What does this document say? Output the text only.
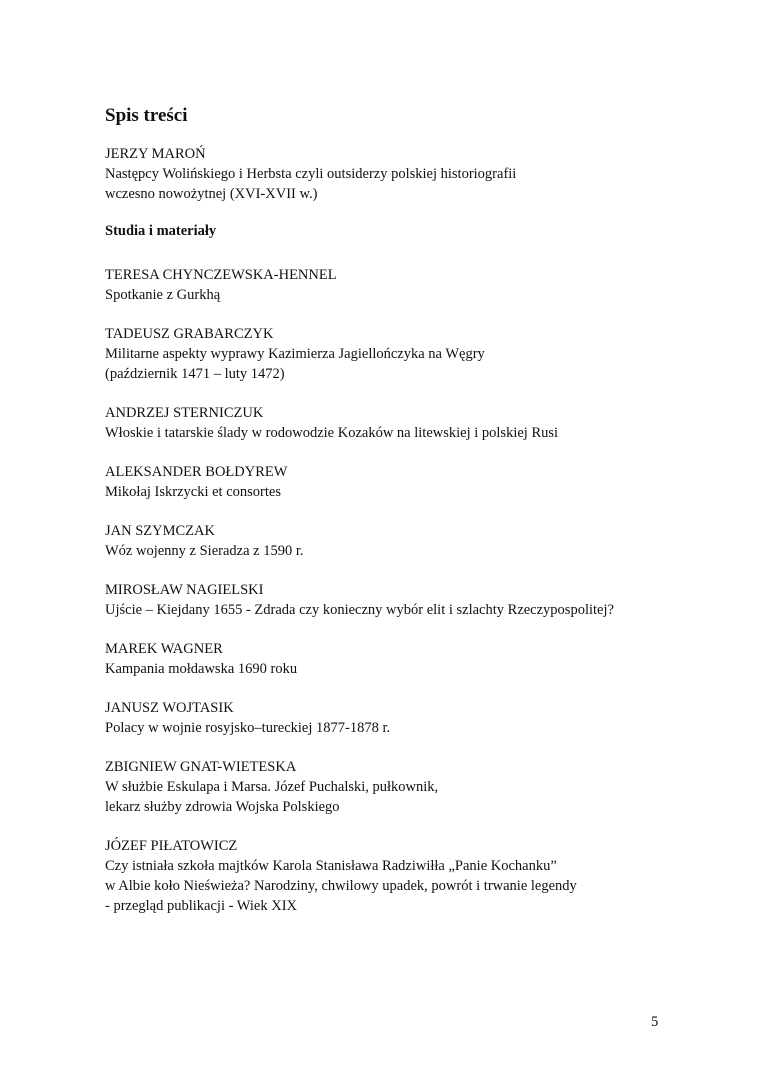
Spis treści
JERZY MAROŃ
Następcy Wolińskiego i Herbsta czyli outsiderzy polskiej historiografii
wczesno nowożytnej (XVI-XVII w.)
Studia i materiały
TERESA CHYNCZEWSKA-HENNEL
Spotkanie z Gurkhą
TADEUSZ GRABARCZYK
Militarne aspekty wyprawy Kazimierza Jagiellończyka na Węgry
(październik 1471 – luty 1472)
ANDRZEJ STERNICZUK
Włoskie i tatarskie ślady w rodowodzie Kozaków na litewskiej i polskiej Rusi
ALEKSANDER BOŁDYREW
Mikołaj Iskrzycki et consortes
JAN SZYMCZAK
Wóz wojenny z Sieradza z 1590 r.
MIROSŁAW NAGIELSKI
Ujście – Kiejdany 1655 - Zdrada czy konieczny wybór elit i szlachty Rzeczypospolitej?
MAREK WAGNER
Kampania mołdawska 1690 roku
JANUSZ WOJTASIK
Polacy w wojnie rosyjsko–tureckiej 1877-1878 r.
ZBIGNIEW GNAT-WIETESKA
W służbie Eskulapa i Marsa. Józef Puchalski, pułkownik,
lekarz służby zdrowia Wojska Polskiego
JÓZEF PIŁATOWICZ
Czy istniała szkoła majtków Karola Stanisława Radziwiłła „Panie Kochanku”
w Albie koło Nieświeża? Narodziny, chwilowy upadek, powrót i trwanie legendy
- przegląd publikacji - Wiek XIX
5
